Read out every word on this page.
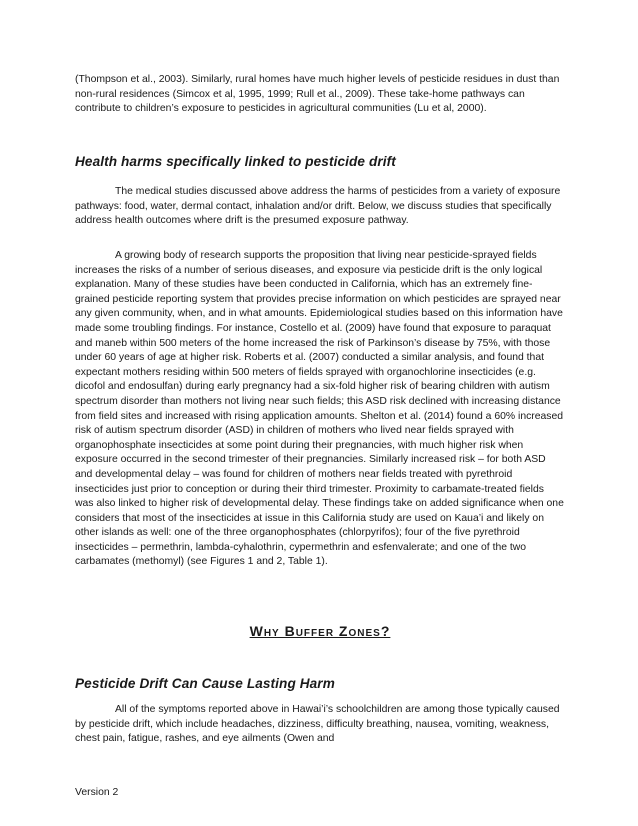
(Thompson et al., 2003). Similarly, rural homes have much higher levels of pesticide residues in dust than non-rural residences (Simcox et al, 1995, 1999; Rull et al., 2009). These take-home pathways can contribute to children’s exposure to pesticides in agricultural communities (Lu et al, 2000).

Health harms specifically linked to pesticide drift

The medical studies discussed above address the harms of pesticides from a variety of exposure pathways: food, water, dermal contact, inhalation and/or drift. Below, we discuss studies that specifically address health outcomes where drift is the presumed exposure pathway.

A growing body of research supports the proposition that living near pesticide-sprayed fields increases the risks of a number of serious diseases, and exposure via pesticide drift is the only logical explanation. Many of these studies have been conducted in California, which has an extremely fine-grained pesticide reporting system that provides precise information on which pesticides are sprayed near any given community, when, and in what amounts. Epidemiological studies based on this information have made some troubling findings. For instance, Costello et al. (2009) have found that exposure to paraquat and maneb within 500 meters of the home increased the risk of Parkinson’s disease by 75%, with those under 60 years of age at higher risk. Roberts et al. (2007) conducted a similar analysis, and found that expectant mothers residing within 500 meters of fields sprayed with organochlorine insecticides (e.g. dicofol and endosulfan) during early pregnancy had a six-fold higher risk of bearing children with autism spectrum disorder than mothers not living near such fields; this ASD risk declined with increasing distance from field sites and increased with rising application amounts. Shelton et al. (2014) found a 60% increased risk of autism spectrum disorder (ASD) in children of mothers who lived near fields sprayed with organophosphate insecticides at some point during their pregnancies, with much higher risk when exposure occurred in the second trimester of their pregnancies. Similarly increased risk – for both ASD and developmental delay – was found for children of mothers near fields treated with pyrethroid insecticides just prior to conception or during their third trimester. Proximity to carbamate-treated fields was also linked to higher risk of developmental delay. These findings take on added significance when one considers that most of the insecticides at issue in this California study are used on Kaua’i and likely on other islands as well: one of the three organophosphates (chlorpyrifos); four of the five pyrethroid insecticides – permethrin, lambda-cyhalothrin, cypermethrin and esfenvalerate; and one of the two carbamates (methomyl) (see Figures 1 and 2, Table 1).

Why Buffer Zones?
Pesticide Drift Can Cause Lasting Harm

All of the symptoms reported above in Hawai’i’s schoolchildren are among those typically caused by pesticide drift, which include headaches, dizziness, difficulty breathing, nausea, vomiting, weakness, chest pain, fatigue, rashes, and eye ailments (Owen and

Version 2
